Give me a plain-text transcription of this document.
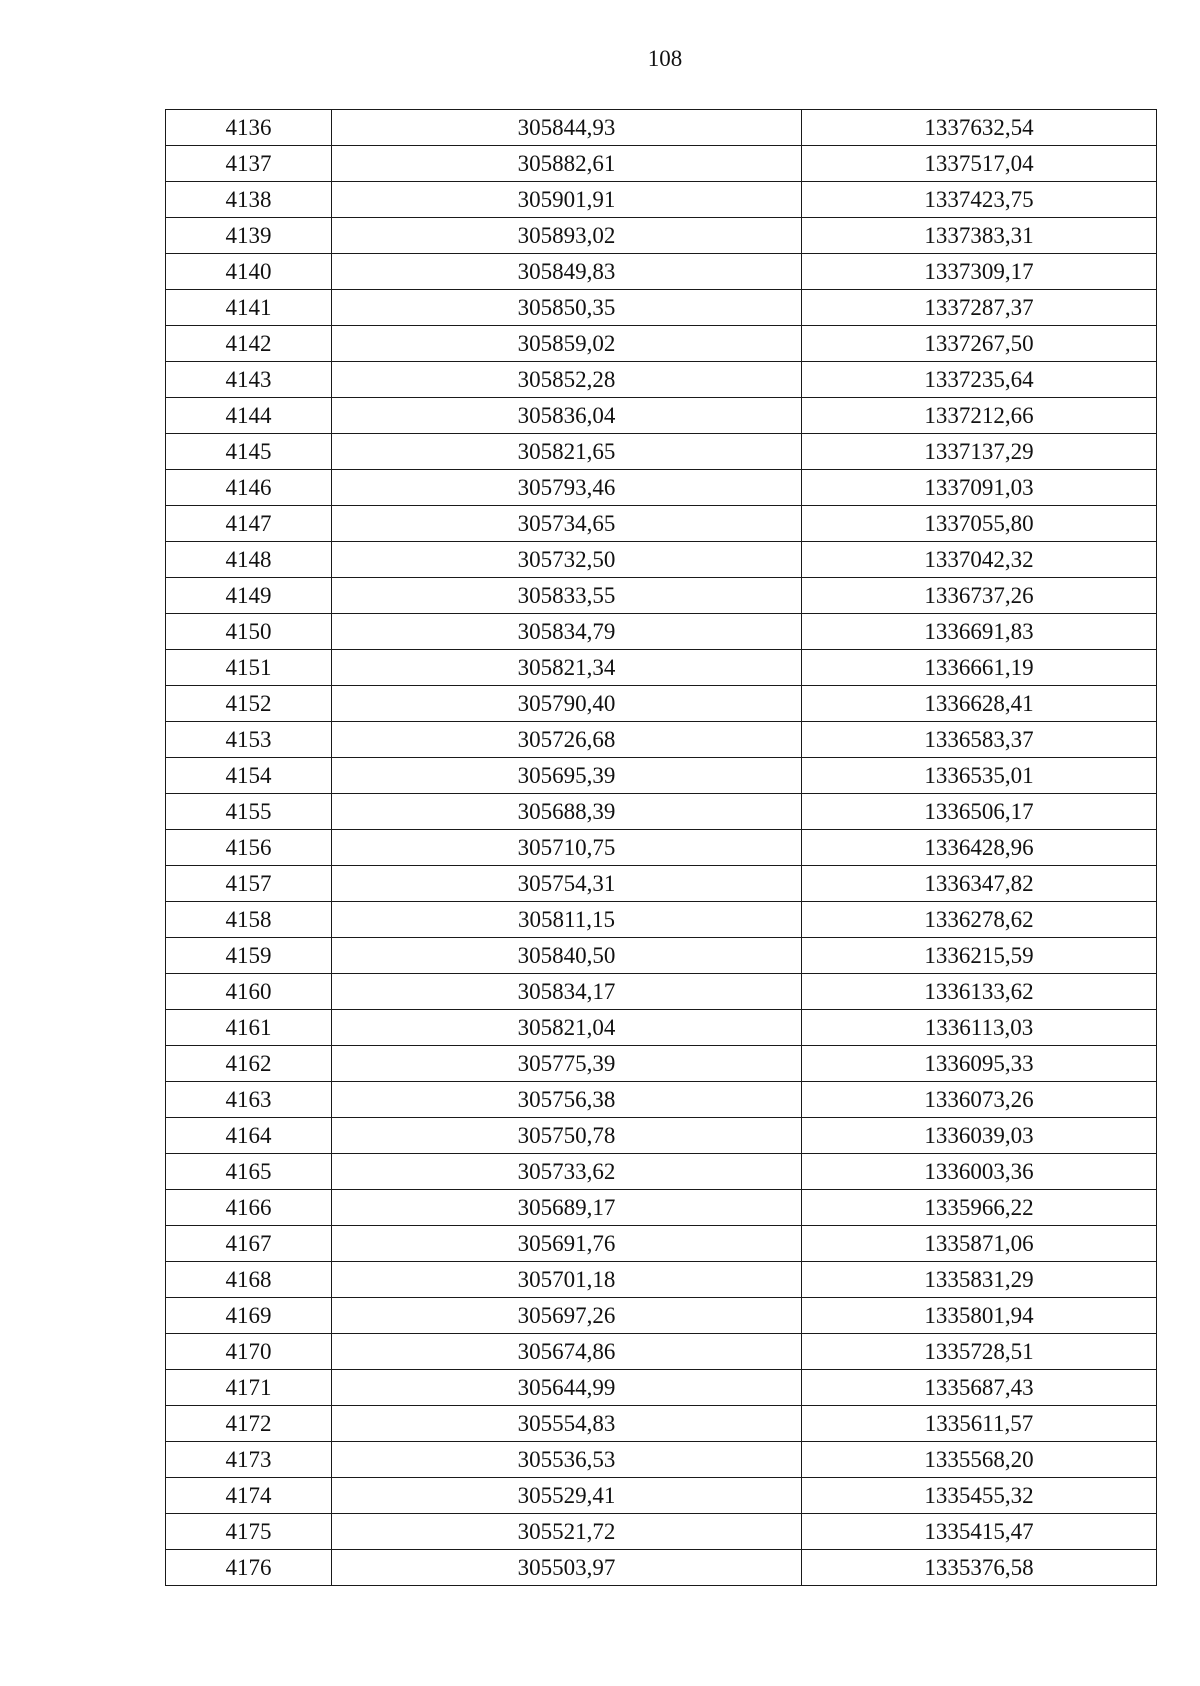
108
4136	305844,93	1337632,54
4137	305882,61	1337517,04
4138	305901,91	1337423,75
4139	305893,02	1337383,31
4140	305849,83	1337309,17
4141	305850,35	1337287,37
4142	305859,02	1337267,50
4143	305852,28	1337235,64
4144	305836,04	1337212,66
4145	305821,65	1337137,29
4146	305793,46	1337091,03
4147	305734,65	1337055,80
4148	305732,50	1337042,32
4149	305833,55	1336737,26
4150	305834,79	1336691,83
4151	305821,34	1336661,19
4152	305790,40	1336628,41
4153	305726,68	1336583,37
4154	305695,39	1336535,01
4155	305688,39	1336506,17
4156	305710,75	1336428,96
4157	305754,31	1336347,82
4158	305811,15	1336278,62
4159	305840,50	1336215,59
4160	305834,17	1336133,62
4161	305821,04	1336113,03
4162	305775,39	1336095,33
4163	305756,38	1336073,26
4164	305750,78	1336039,03
4165	305733,62	1336003,36
4166	305689,17	1335966,22
4167	305691,76	1335871,06
4168	305701,18	1335831,29
4169	305697,26	1335801,94
4170	305674,86	1335728,51
4171	305644,99	1335687,43
4172	305554,83	1335611,57
4173	305536,53	1335568,20
4174	305529,41	1335455,32
4175	305521,72	1335415,47
4176	305503,97	1335376,58
